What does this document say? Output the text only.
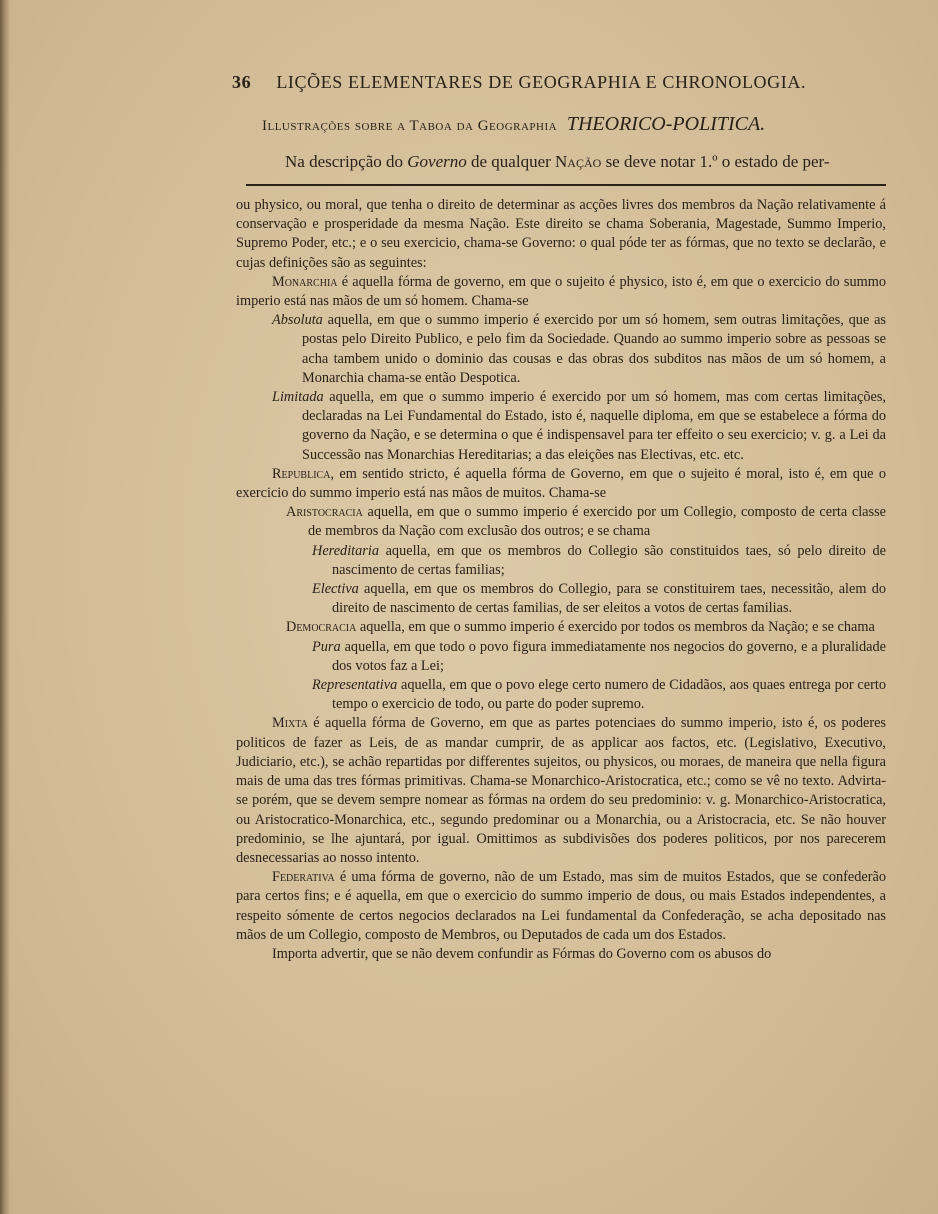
36 LIÇÕES ELEMENTARES DE GEOGRAPHIA E CHRONOLOGIA.
Illustrações sobre a Taboa da Geographia THEORICO-POLITICA.
Na descripção do Governo de qualquer Nação se deve notar 1.º o estado de per-

ou physico, ou moral, que tenha o direito de determinar as acções livres dos membros da Nação relativamente á conservação e prosperidade da mesma Nação. Este direito se chama Soberania, Magestade, Summo Imperio, Supremo Poder, etc.; e o seu exercicio, chama-se Governo: o qual póde ter as fórmas, que no texto se declarão, e cujas definições são as seguintes:

Monarchia é aquella fórma de governo, em que o sujeito é physico, isto é, em que o exercicio do summo imperio está nas mãos de um só homem. Chama-se

Absoluta aquella, em que o summo imperio é exercido por um só homem, sem outras limitações, que as postas pelo Direito Publico, e pelo fim da Sociedade. Quando ao summo imperio sobre as pessoas se acha tambem unido o dominio das cousas e das obras dos subditos nas mãos de um só homem, a Monarchia chama-se então Despotica.

Limitada aquella, em que o summo imperio é exercido por um só homem, mas com certas limitações, declaradas na Lei Fundamental do Estado, isto é, naquelle diploma, em que se estabelece a fórma do governo da Nação, e se determina o que é indispensavel para ter effeito o seu exercicio; v. g. a Lei da Successão nas Monarchias Hereditarias; a das eleições nas Electivas, etc. etc.

Republica, em sentido stricto, é aquella fórma de Governo, em que o sujeito é moral, isto é, em que o exercicio do summo imperio está nas mãos de muitos. Chama-se

Aristocracia aquella, em que o summo imperio é exercido por um Collegio, composto de certa classe de membros da Nação com exclusão dos outros; e se chama

Hereditaria aquella, em que os membros do Collegio são constituidos taes, só pelo direito de nascimento de certas familias;

Electiva aquella, em que os membros do Collegio, para se constituirem taes, necessitão, alem do direito de nascimento de certas familias, de ser eleitos a votos de certas familias.

Democracia aquella, em que o summo imperio é exercido por todos os membros da Nação; e se chama

Pura aquella, em que todo o povo figura immediatamente nos negocios do governo, e a pluralidade dos votos faz a Lei;

Representativa aquella, em que o povo elege certo numero de Cidadãos, aos quaes entrega por certo tempo o exercicio de todo, ou parte do poder supremo.

Mixta é aquella fórma de Governo, em que as partes potenciaes do summo imperio, isto é, os poderes politicos de fazer as Leis, de as mandar cumprir, de as applicar aos factos, etc. (Legislativo, Executivo, Judiciario, etc.), se achão repartidas por differentes sujeitos, ou physicos, ou moraes, de maneira que nella figura mais de uma das tres fórmas primitivas. Chama-se Monarchico-Aristocratica, etc.; como se vê no texto. Advirta-se porém, que se devem sempre nomear as fórmas na ordem do seu predominio: v. g. Monarchico-Aristocratica, ou Aristocratico-Monarchica, etc., segundo predominar ou a Monarchia, ou a Aristocracia, etc. Se não houver predominio, se lhe ajuntará, por igual. Omittimos as subdivisões dos poderes politicos, por nos parecerem desnecessarias ao nosso intento.

Federativa é uma fórma de governo, não de um Estado, mas sim de muitos Estados, que se confederão para certos fins; e é aquella, em que o exercicio do summo imperio de dous, ou mais Estados independentes, a respeito sómente de certos negocios declarados na Lei fundamental da Confederação, se acha depositado nas mãos de um Collegio, composto de Membros, ou Deputados de cada um dos Estados.

Importa advertir, que se não devem confundir as Fórmas do Governo com os abusos do
